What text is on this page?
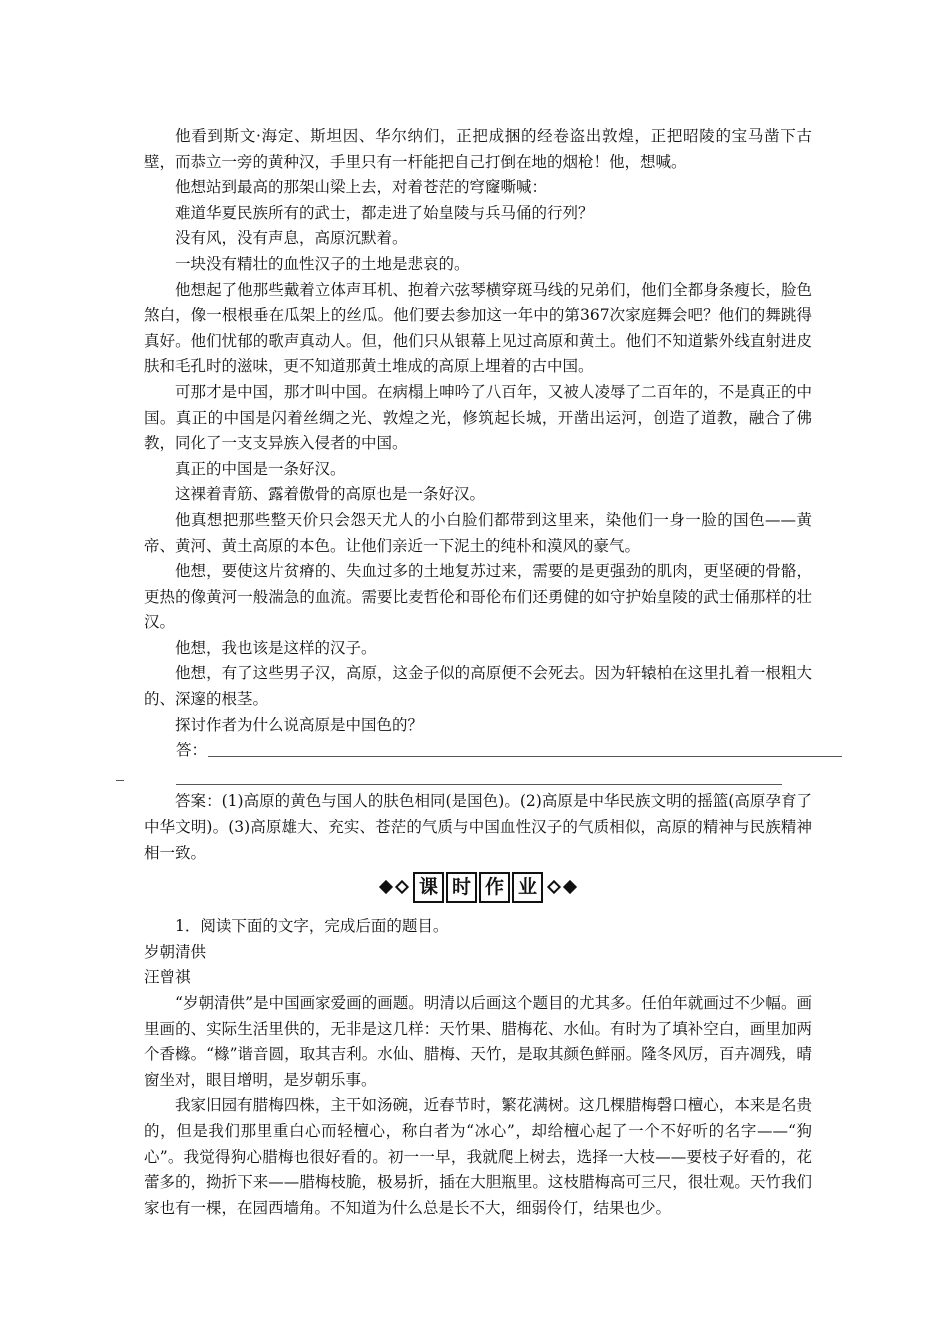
他看到斯文·海定、斯坦因、华尔纳们，正把成捆的经卷盗出敦煌，正把昭陵的宝马凿下古壁，而恭立一旁的黄种汉，手里只有一杆能把自己打倒在地的烟枪！他，想喊。

他想站到最高的那架山梁上去，对着苍茫的穹窿嘶喊：

难道华夏民族所有的武士，都走进了始皇陵与兵马俑的行列？

没有风，没有声息，高原沉默着。

一块没有精壮的血性汉子的土地是悲哀的。

他想起了他那些戴着立体声耳机、抱着六弦琴横穿斑马线的兄弟们，他们全都身条瘦长，脸色煞白，像一根根垂在瓜架上的丝瓜。他们要去参加这一年中的第367次家庭舞会吧？他们的舞跳得真好。他们忧郁的歌声真动人。但，他们只从银幕上见过高原和黄土。他们不知道紫外线直射进皮肤和毛孔时的滋味，更不知道那黄土堆成的高原上埋着的古中国。

可那才是中国，那才叫中国。在病榻上呻吟了八百年，又被人凌辱了二百年的，不是真正的中国。真正的中国是闪着丝绸之光、敦煌之光，修筑起长城，开凿出运河，创造了道教，融合了佛教，同化了一支支异族入侵者的中国。

真正的中国是一条好汉。

这裸着青筋、露着傲骨的高原也是一条好汉。

他真想把那些整天价只会怨天尤人的小白脸们都带到这里来，染他们一身一脸的国色——黄帝、黄河、黄土高原的本色。让他们亲近一下泥土的纯朴和漠风的豪气。

他想，要使这片贫瘠的、失血过多的土地复苏过来，需要的是更强劲的肌肉，更坚硬的骨骼，更热的像黄河一般湍急的血流。需要比麦哲伦和哥伦布们还勇健的如守护始皇陵的武士俑那样的壮汉。

他想，我也该是这样的汉子。

他想，有了这些男子汉，高原，这金子似的高原便不会死去。因为轩辕柏在这里扎着一根粗大的、深邃的根茎。

探讨作者为什么说高原是中国色的？

答：

答案：(1)高原的黄色与国人的肤色相同(是国色)。(2)高原是中华民族文明的摇篮(高原孕育了中华文明)。(3)高原雄大、充实、苍茫的气质与中国血性汉子的气质相似，高原的精神与民族精神相一致。

课 时 作 业

1．阅读下面的文字，完成后面的题目。

岁朝清供

汪曾祺

“岁朝清供”是中国画家爱画的画题。明清以后画这个题目的尤其多。任伯年就画过不少幅。画里画的、实际生活里供的，无非是这几样：天竹果、腊梅花、水仙。有时为了填补空白，画里加两个香橼。“橼”谐音圆，取其吉利。水仙、腊梅、天竹，是取其颜色鲜丽。隆冬风厉，百卉凋残，晴窗坐对，眼目增明，是岁朝乐事。

我家旧园有腊梅四株，主干如汤碗，近春节时，繁花满树。这几棵腊梅磬口檀心，本来是名贵的，但是我们那里重白心而轻檀心，称白者为“冰心”，却给檀心起了一个不好听的名字——“狗心”。我觉得狗心腊梅也很好看的。初一一早，我就爬上树去，选择一大枝——要枝子好看的，花蕾多的，拗折下来——腊梅枝脆，极易折，插在大胆瓶里。这枝腊梅高可三尺，很壮观。天竹我们家也有一棵，在园西墙角。不知道为什么总是长不大，细弱伶仃，结果也少。
